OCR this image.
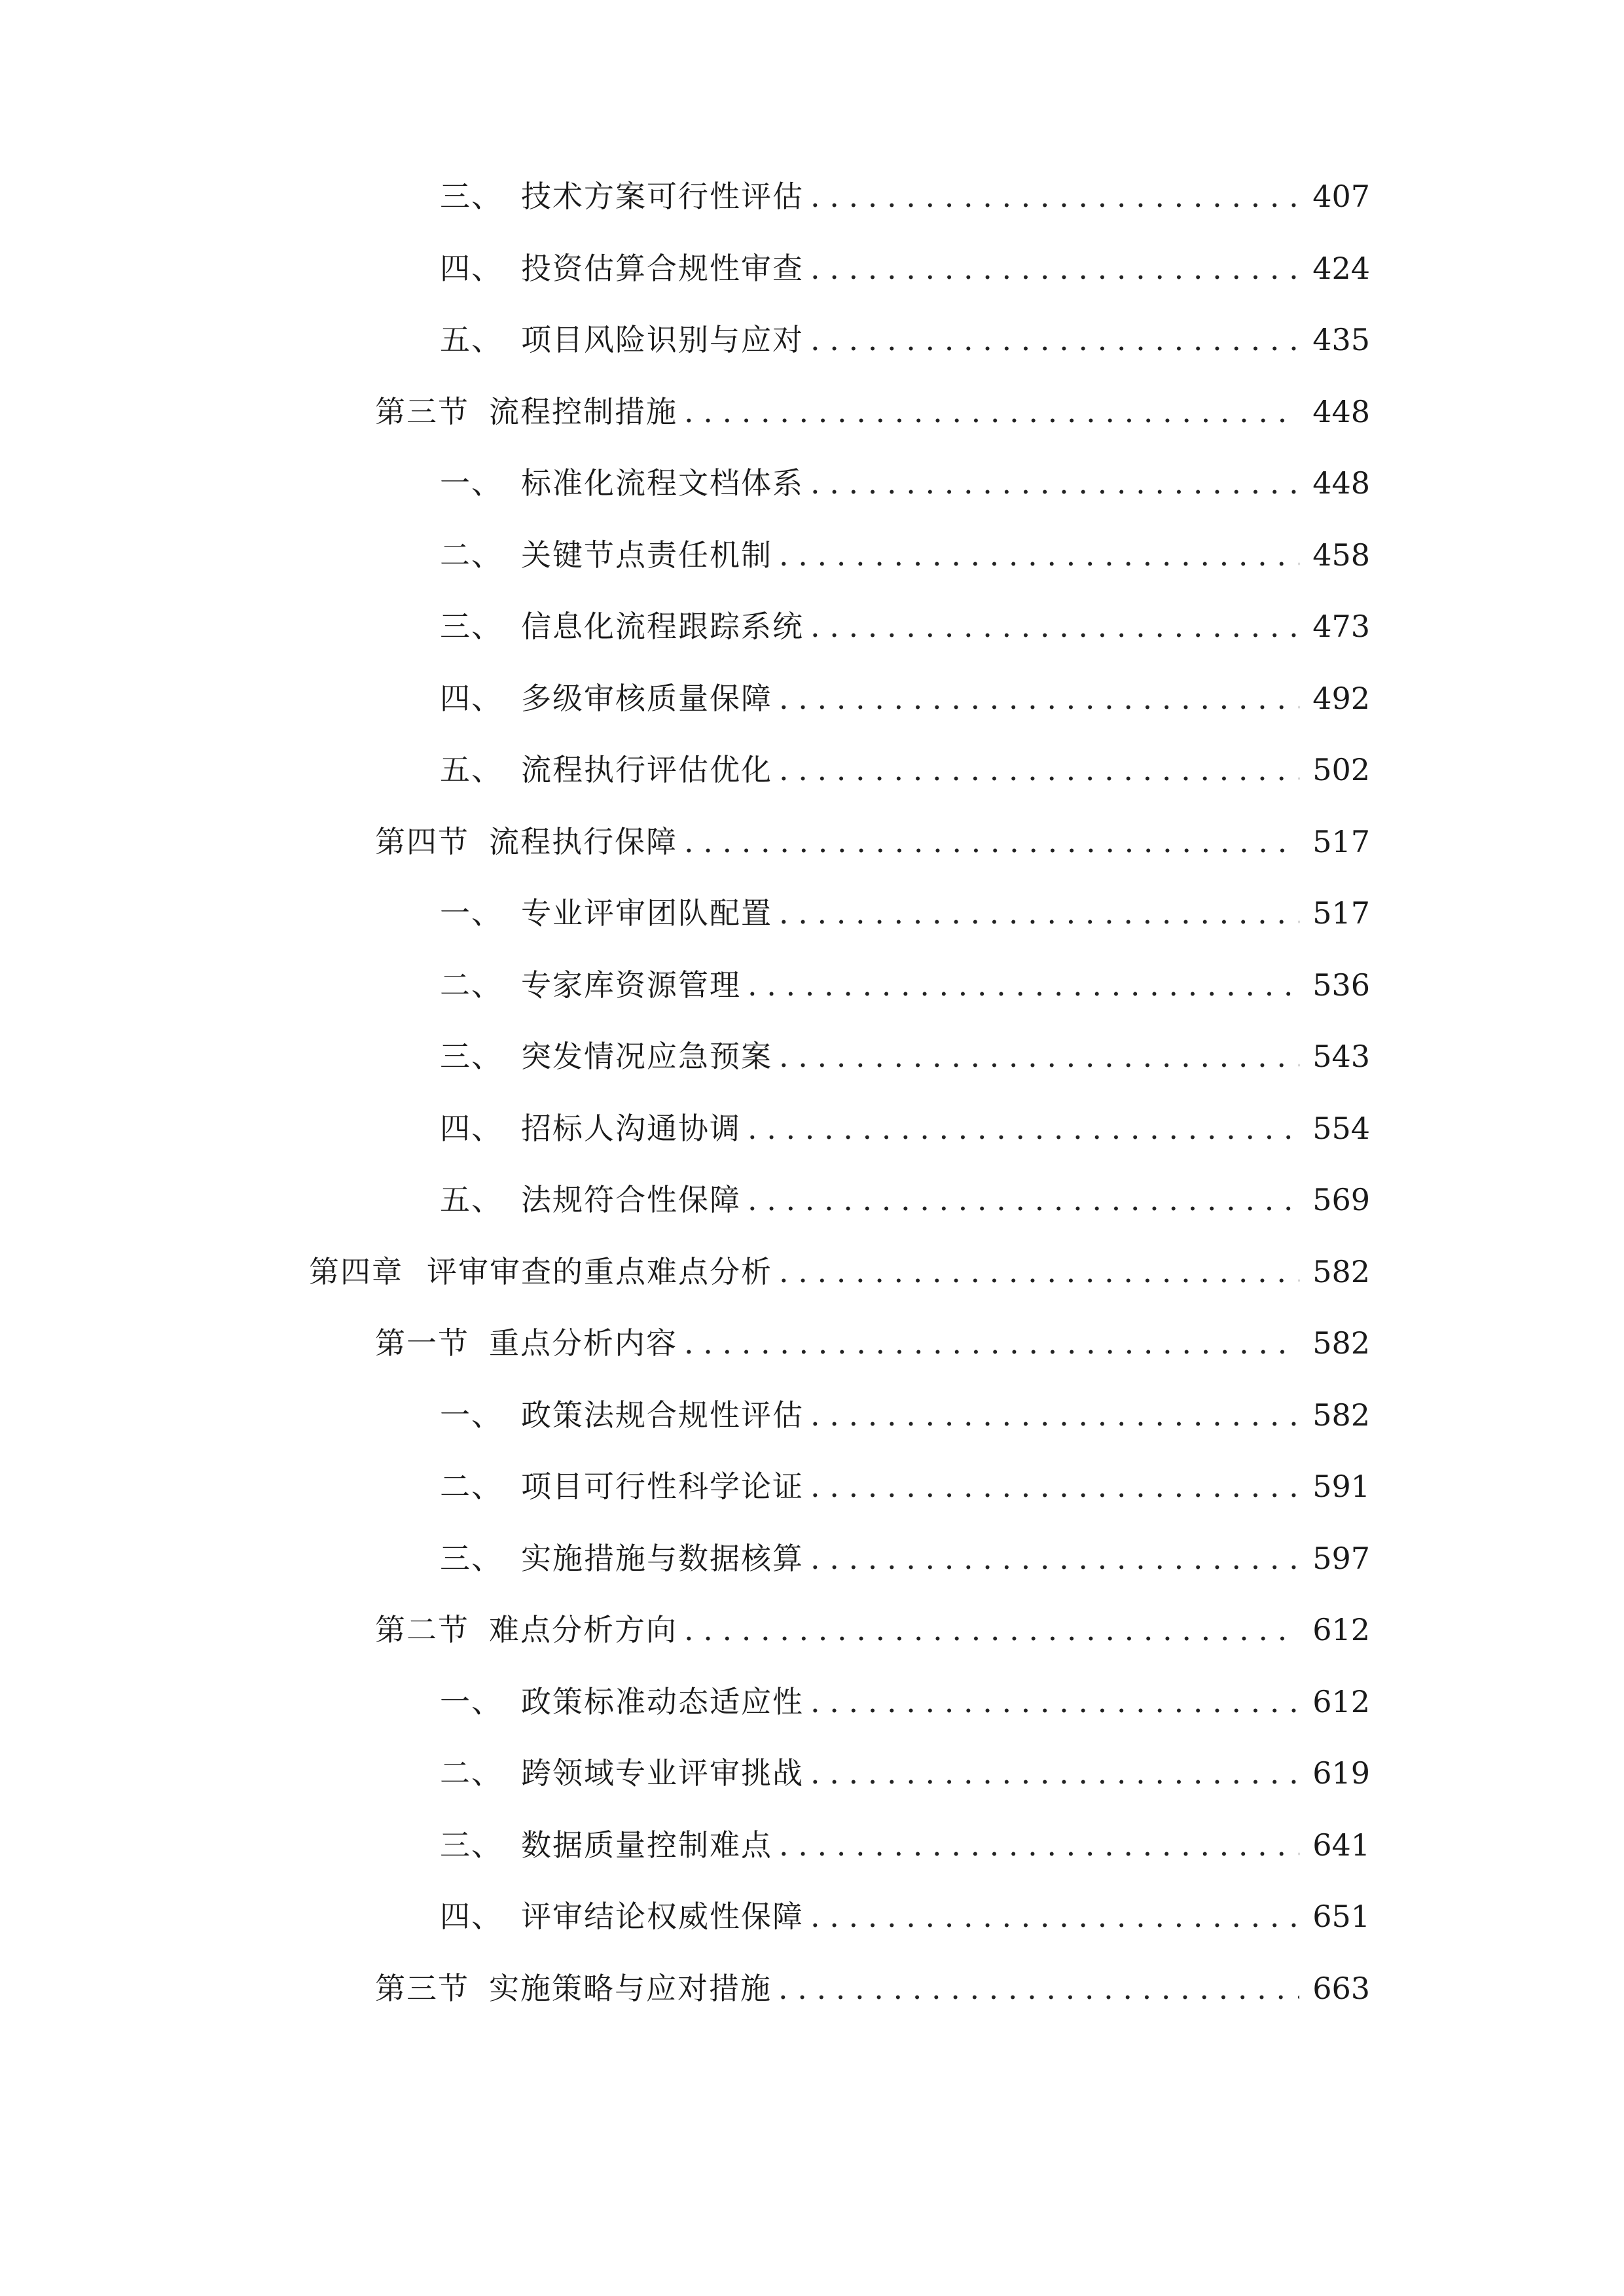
三、 技术方案可行性评估 . . .	407
四、 投资估算合规性审查 . . .	424
五、 项目风险识别与应对 . . .	435
第三节 流程控制措施 . . .	448
一、 标准化流程文档体系 . . .	448
二、 关键节点责任机制 . . .	458
三、 信息化流程跟踪系统 . . .	473
四、 多级审核质量保障 . . .	492
五、 流程执行评估优化 . . .	502
第四节 流程执行保障 . . .	517
一、 专业评审团队配置 . . .	517
二、 专家库资源管理 . . .	536
三、 突发情况应急预案 . . .	543
四、 招标人沟通协调 . . .	554
五、 法规符合性保障 . . .	569
第四章 评审审查的重点难点分析 . . .	582
第一节 重点分析内容 . . .	582
一、 政策法规合规性评估 . . .	582
二、 项目可行性科学论证 . . .	591
三、 实施措施与数据核算 . . .	597
第二节 难点分析方向 . . .	612
一、 政策标准动态适应性 . . .	612
二、 跨领域专业评审挑战 . . .	619
三、 数据质量控制难点 . . .	641
四、 评审结论权威性保障 . . .	651
第三节 实施策略与应对措施 . . .	663
